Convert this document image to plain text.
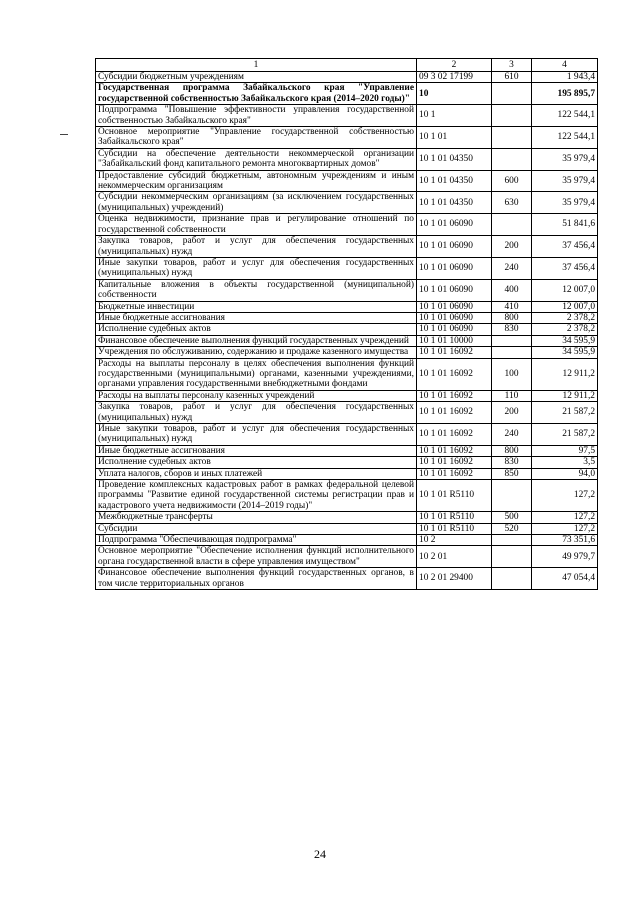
1	2	3	4
Субсидии бюджетным учреждениям	09 3 02 17199	610	1 943,4
Государственная программа Забайкальского края "Управление государственной собственностью Забайкальского края (2014–2020 годы)"	10		195 895,7
Подпрограмма "Повышение эффективности управления государственной собственностью Забайкальского края"	10 1		122 544,1
Основное мероприятие "Управление государственной собственностью Забайкальского края"	10 1 01		122 544,1
Субсидии на обеспечение деятельности некоммерческой организации "Забайкальский фонд капитального ремонта многоквартирных домов"	10 1 01 04350		35 979,4
Предоставление субсидий бюджетным, автономным учреждениям и иным некоммерческим организациям	10 1 01 04350	600	35 979,4
Субсидии некоммерческим организациям (за исключением государственных (муниципальных) учреждений)	10 1 01 04350	630	35 979,4
Оценка недвижимости, признание прав и регулирование отношений по государственной собственности	10 1 01 06090		51 841,6
Закупка товаров, работ и услуг для обеспечения государственных (муниципальных) нужд	10 1 01 06090	200	37 456,4
Иные закупки товаров, работ и услуг для обеспечения государственных (муниципальных) нужд	10 1 01 06090	240	37 456,4
Капитальные вложения в объекты государственной (муниципальной) собственности	10 1 01 06090	400	12 007,0
Бюджетные инвестиции	10 1 01 06090	410	12 007,0
Иные бюджетные ассигнования	10 1 01 06090	800	2 378,2
Исполнение судебных актов	10 1 01 06090	830	2 378,2
Финансовое обеспечение выполнения функций государственных учреждений	10 1 01 10000		34 595,9
Учреждения по обслуживанию, содержанию и продаже казенного имущества	10 1 01 16092		34 595,9
Расходы на выплаты персоналу в целях обеспечения выполнения функций государственными (муниципальными) органами, казенными учреждениями, органами управления государственными внебюджетными фондами	10 1 01 16092	100	12 911,2
Расходы на выплаты персоналу казенных учреждений	10 1 01 16092	110	12 911,2
Закупка товаров, работ и услуг для обеспечения государственных (муниципальных) нужд	10 1 01 16092	200	21 587,2
Иные закупки товаров, работ и услуг для обеспечения государственных (муниципальных) нужд	10 1 01 16092	240	21 587,2
Иные бюджетные ассигнования	10 1 01 16092	800	97,5
Исполнение судебных актов	10 1 01 16092	830	3,5
Уплата налогов, сборов и иных платежей	10 1 01 16092	850	94,0
Проведение комплексных кадастровых работ в рамках федеральной целевой программы "Развитие единой государственной системы регистрации прав и кадастрового учета недвижимости (2014–2019 годы)"	10 1 01 R5110		127,2
Межбюджетные трансферты	10 1 01 R5110	500	127,2
Субсидии	10 1 01 R5110	520	127,2
Подпрограмма "Обеспечивающая подпрограмма"	10 2		73 351,6
Основное мероприятие "Обеспечение исполнения функций исполнительного органа государственной власти в сфере управления имуществом"	10 2 01		49 979,7
Финансовое обеспечение выполнения функций государственных органов, в том числе территориальных органов	10 2 01 29400		47 054,4
24
